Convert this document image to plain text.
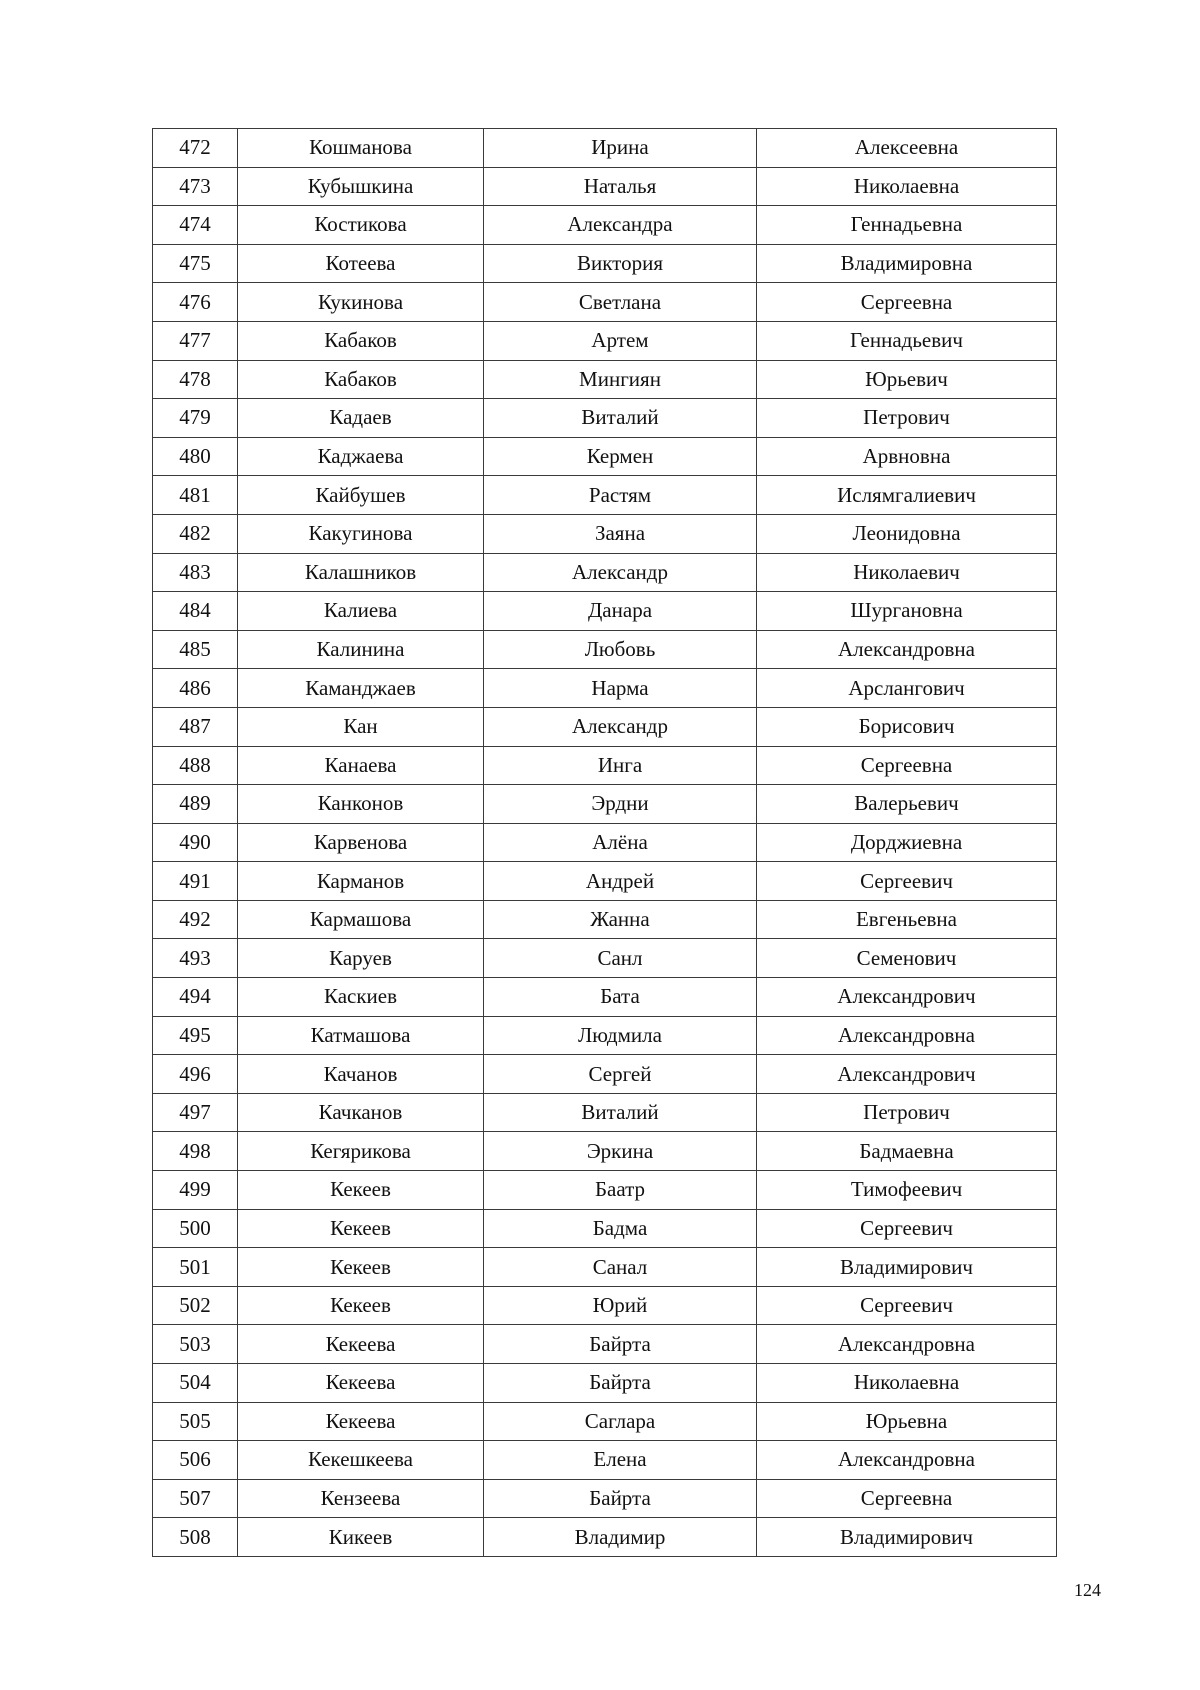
472	Кошманова	Ирина	Алексеевна
473	Кубышкина	Наталья	Николаевна
474	Костикова	Александра	Геннадьевна
475	Котеева	Виктория	Владимировна
476	Кукинова	Светлана	Сергеевна
477	Кабаков	Артем	Геннадьевич
478	Кабаков	Мингиян	Юрьевич
479	Кадаев	Виталий	Петрович
480	Каджаева	Кермен	Арвновна
481	Кайбушев	Растям	Ислямгалиевич
482	Какугинова	Заяна	Леонидовна
483	Калашников	Александр	Николаевич
484	Калиева	Данара	Шургановна
485	Калинина	Любовь	Александровна
486	Каманджаев	Нарма	Арслангович
487	Кан	Александр	Борисович
488	Канаева	Инга	Сергеевна
489	Канконов	Эрдни	Валерьевич
490	Карвенова	Алёна	Дорджиевна
491	Карманов	Андрей	Сергеевич
492	Кармашова	Жанна	Евгеньевна
493	Каруев	Санл	Семенович
494	Каскиев	Бата	Александрович
495	Катмашова	Людмила	Александровна
496	Качанов	Сергей	Александрович
497	Качканов	Виталий	Петрович
498	Кегярикова	Эркина	Бадмаевна
499	Кекеев	Баатр	Тимофеевич
500	Кекеев	Бадма	Сергеевич
501	Кекеев	Санал	Владимирович
502	Кекеев	Юрий	Сергеевич
503	Кекеева	Байрта	Александровна
504	Кекеева	Байрта	Николаевна
505	Кекеева	Саглара	Юрьевна
506	Кекешкеева	Елена	Александровна
507	Кензеева	Байрта	Сергеевна
508	Кикеев	Владимир	Владимирович
124
